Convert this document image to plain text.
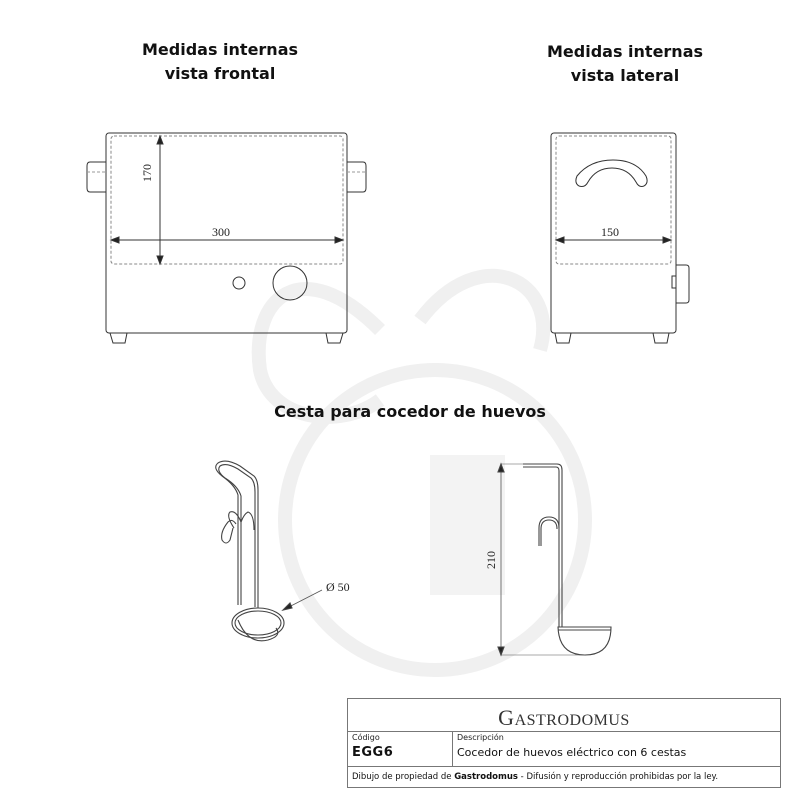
Medidas internas
vista frontal
Medidas internas
vista lateral
Cesta para cocedor de huevos
170
300	150
Ø 50
210
GASTRODOMUS
Código
EGG6
Descripción
Cocedor de huevos eléctrico con 6 cestas
Dibujo de propiedad de Gastrodomus - Difusión y reproducción prohibidas por la ley.
